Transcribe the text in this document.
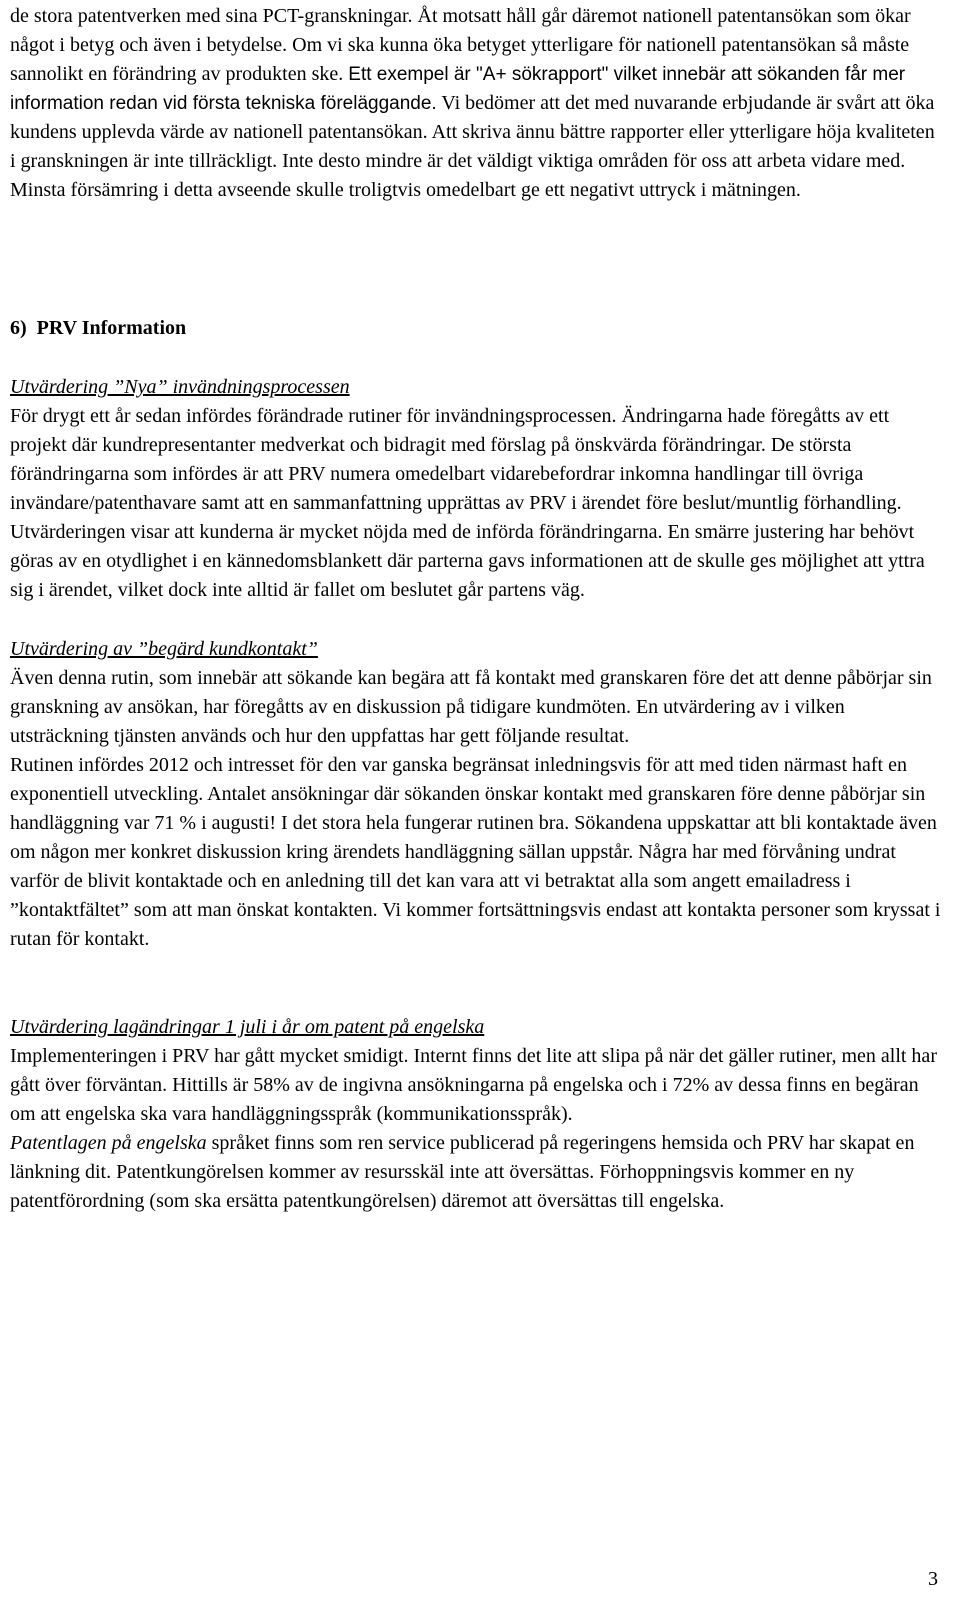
de stora patentverken med sina PCT-granskningar. Åt motsatt håll går däremot nationell patentansökan som ökar något i betyg och även i betydelse. Om vi ska kunna öka betyget ytterligare för nationell patentansökan så måste sannolikt en förändring av produkten ske. Ett exempel är "A+ sökrapport" vilket innebär att sökanden får mer information redan vid första tekniska föreläggande. Vi bedömer att det med nuvarande erbjudande är svårt att öka kundens upplevda värde av nationell patentansökan. Att skriva ännu bättre rapporter eller ytterligare höja kvaliteten i granskningen är inte tillräckligt. Inte desto mindre är det väldigt viktiga områden för oss att arbeta vidare med. Minsta försämring i detta avseende skulle troligtvis omedelbart ge ett negativt uttryck i mätningen.

6)  PRV Information

Utvärdering ”Nya” invändningsprocessen

För drygt ett år sedan infördes förändrade rutiner för invändningsprocessen. Ändringarna hade föregåtts av ett projekt där kundrepresentanter medverkat och bidragit med förslag på önskvärda förändringar. De största förändringarna som infördes är att PRV numera omedelbart vidarebefordrar inkomna handlingar till övriga invändare/patenthavare samt att en sammanfattning upprättas av PRV i ärendet före beslut/muntlig förhandling.
Utvärderingen visar att kunderna är mycket nöjda med de införda förändringarna. En smärre justering har behövt göras av en otydlighet i en kännedomsblankett där parterna gavs informationen att de skulle ges möjlighet att yttra sig i ärendet, vilket dock inte alltid är fallet om beslutet går partens väg.

Utvärdering av ”begärd kundkontakt”

Även denna rutin, som innebär att sökande kan begära att få kontakt med granskaren före det att denne påbörjar sin granskning av ansökan, har föregåtts av en diskussion på tidigare kundmöten. En utvärdering av i vilken utsträckning tjänsten används och hur den uppfattas har gett följande resultat.

Rutinen infördes 2012 och intresset för den var ganska begränsat inledningsvis för att med tiden närmast haft en exponentiell utveckling. Antalet ansökningar där sökanden önskar kontakt med granskaren före denne påbörjar sin handläggning var 71 % i augusti! I det stora hela fungerar rutinen bra. Sökandena uppskattar att bli kontaktade även om någon mer konkret diskussion kring ärendets handläggning sällan uppstår. Några har med förvåning undrat varför de blivit kontaktade och en anledning till det kan vara att vi betraktat alla som angett emailadress i ”kontaktfältet” som att man önskat kontakten. Vi kommer fortsättningsvis endast att kontakta personer som kryssat i rutan för kontakt.

Utvärdering lagändringar 1 juli i år om patent på engelska

Implementeringen i PRV har gått mycket smidigt. Internt finns det lite att slipa på när det gäller rutiner, men allt har gått över förväntan. Hittills är 58% av de ingivna ansökningarna på engelska och i 72% av dessa finns en begäran om att engelska ska vara handläggningsspråk (kommunikationsspråk).

Patentlagen på engelska språket finns som ren service publicerad på regeringens hemsida och PRV har skapat en länkning dit. Patentkungörelsen kommer av resursskäl inte att översättas. Förhoppningsvis kommer en ny patentförordning (som ska ersätta patentkungörelsen) däremot att översättas till engelska.

3
